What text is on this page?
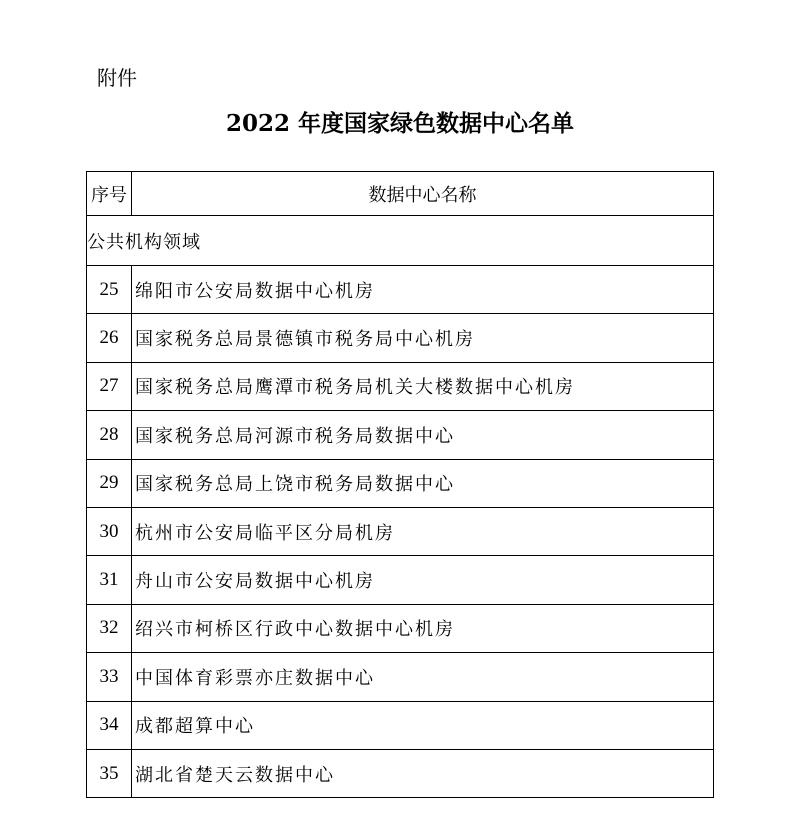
附件
2022 年度国家绿色数据中心名单
序号	数据中心名称
公共机构领域	
25	绵阳市公安局数据中心机房
26	国家税务总局景德镇市税务局中心机房
27	国家税务总局鹰潭市税务局机关大楼数据中心机房
28	国家税务总局河源市税务局数据中心
29	国家税务总局上饶市税务局数据中心
30	杭州市公安局临平区分局机房
31	舟山市公安局数据中心机房
32	绍兴市柯桥区行政中心数据中心机房
33	中国体育彩票亦庄数据中心
34	成都超算中心
35	湖北省楚天云数据中心
